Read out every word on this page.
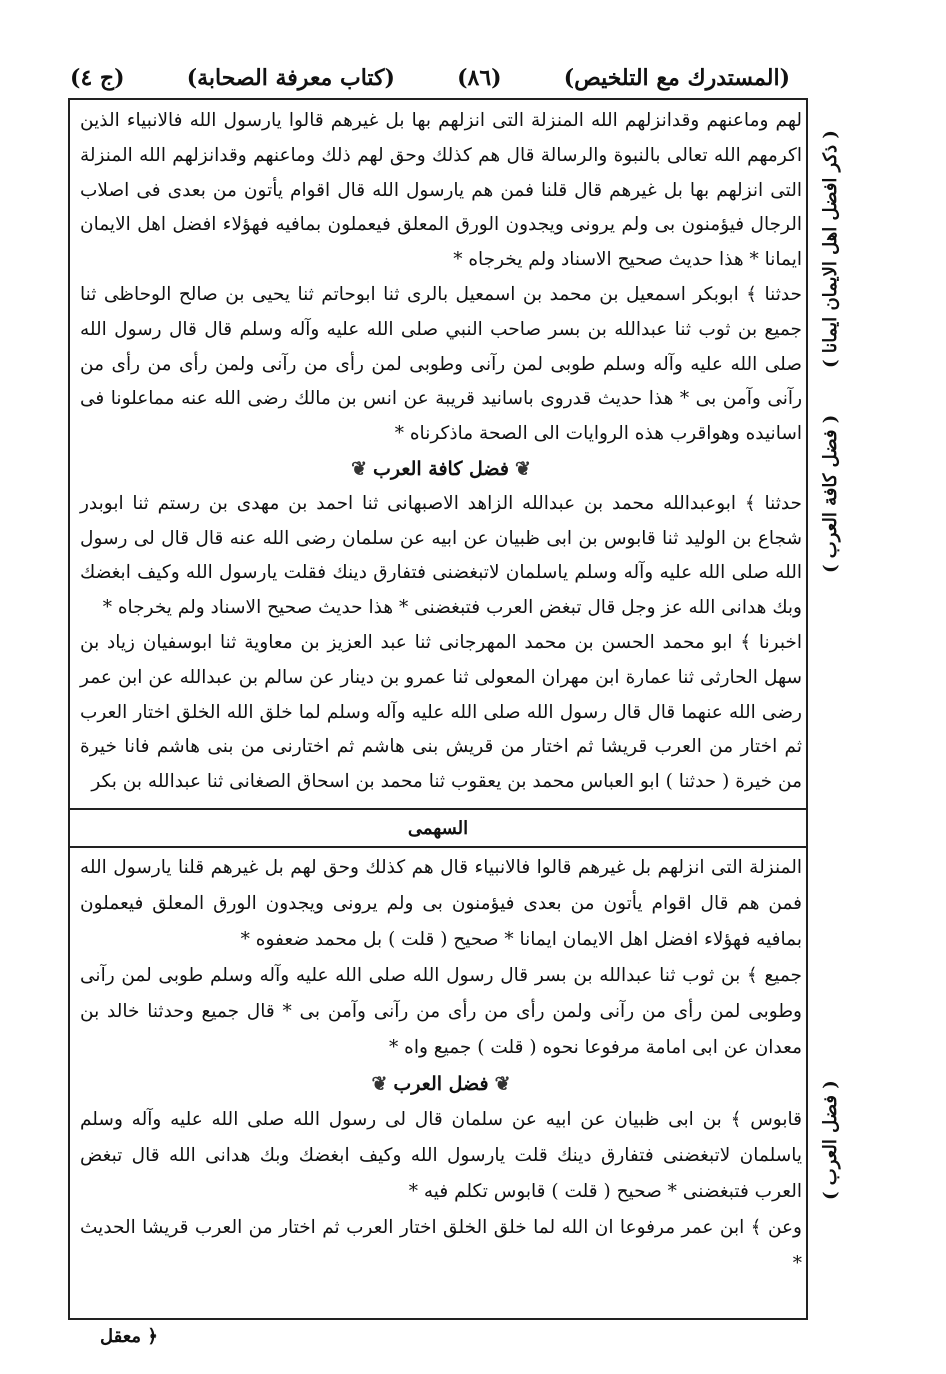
(المستدرك مع التلخيص)
(٨٦)
(كتاب معرفة الصحابة)
(ج ٤)

لهم وماعنهم وقدانزلهم الله المنزلة التى انزلهم بها بل غيرهم قالوا يارسول الله فالانبياء الذين اكرمهم الله تعالى بالنبوة والرسالة قال هم كذلك وحق لهم ذلك وماعنهم وقدانزلهم الله المنزلة التى انزلهم بها بل غيرهم قال قلنا فمن هم يارسول الله قال اقوام يأتون من بعدى فى اصلاب الرجال فيؤمنون بى ولم يرونى ويجدون الورق المعلق فيعملون بمافيه فهؤلاء افضل اهل الايمان ايمانا * هذا حديث صحيح الاسناد ولم يخرجاه *

حدثنا ﴾ ابوبكر اسمعيل بن محمد بن اسمعيل بالرى ثنا ابوحاتم ثنا يحيى بن صالح الوحاظى ثنا جميع بن ثوب ثنا عبدالله بن بسر صاحب النبي صلى الله عليه وآله وسلم قال قال رسول الله صلى الله عليه وآله وسلم طوبى لمن رآنى وطوبى لمن رأى من رآنى ولمن رأى من رأى من رآنى وآمن بى * هذا حديث قدروى باسانيد قريبة عن انس بن مالك رضى الله عنه مماعلونا فى اسانيده وهواقرب هذه الروايات الى الصحة ماذكرناه *

❦فضل كافة العرب❦

حدثنا ﴾ ابوعبدالله محمد بن عبدالله الزاهد الاصبهانى ثنا احمد بن مهدى بن رستم ثنا ابوبدر شجاع بن الوليد ثنا قابوس بن ابى ظبيان عن ابيه عن سلمان رضى الله عنه قال قال لى رسول الله صلى الله عليه وآله وسلم ياسلمان لاتبغضنى فتفارق دينك فقلت يارسول الله وكيف ابغضك وبك هدانى الله عز وجل قال تبغض العرب فتبغضنى * هذا حديث صحيح الاسناد ولم يخرجاه *

اخبرنا ﴾ ابو محمد الحسن بن محمد المهرجانى ثنا عبد العزيز بن معاوية ثنا ابوسفيان زياد بن سهل الحارثى ثنا عمارة ابن مهران المعولى ثنا عمرو بن دينار عن سالم بن عبدالله عن ابن عمر رضى الله عنهما قال قال رسول الله صلى الله عليه وآله وسلم لما خلق الله الخلق اختار العرب ثم اختار من العرب قريشا ثم اختار من قريش بنى هاشم ثم اختارنى من بنى هاشم فانا خيرة من خيرة ( حدثنا ) ابو العباس محمد بن يعقوب ثنا محمد بن اسحاق الصغانى ثنا عبدالله بن بكر

السهمى

المنزلة التى انزلهم بل غيرهم قالوا فالانبياء قال هم كذلك وحق لهم بل غيرهم قلنا يارسول الله فمن هم قال اقوام يأتون من بعدى فيؤمنون بى ولم يرونى ويجدون الورق المعلق فيعملون بمافيه فهؤلاء افضل اهل الايمان ايمانا * صحيح ( قلت ) بل محمد ضعفوه *

جميع ﴾ بن ثوب ثنا عبدالله بن بسر قال رسول الله صلى الله عليه وآله وسلم طوبى لمن رآنى وطوبى لمن رأى من رآنى ولمن رأى من رأى من رآنى وآمن بى * قال جميع وحدثنا خالد بن معدان عن ابى امامة مرفوعا نحوه ( قلت ) جميع واه *

❦فضل العرب❦

قابوس ﴾ بن ابى ظبيان عن ابيه عن سلمان قال لى رسول الله صلى الله عليه وآله وسلم ياسلمان لاتبغضنى فتفارق دينك قلت يارسول الله وكيف ابغضك وبك هدانى الله قال تبغض العرب فتبغضنى * صحيح ( قلت ) قابوس تكلم فيه *

وعن ﴾ ابن عمر مرفوعا ان الله لما خلق الخلق اختار العرب ثم اختار من العرب قريشا الحديث *

( ذكر افضل اهل الايمان ايمانا )
( فضل كافة العرب )
( فضل العرب )
﴿ معقل
